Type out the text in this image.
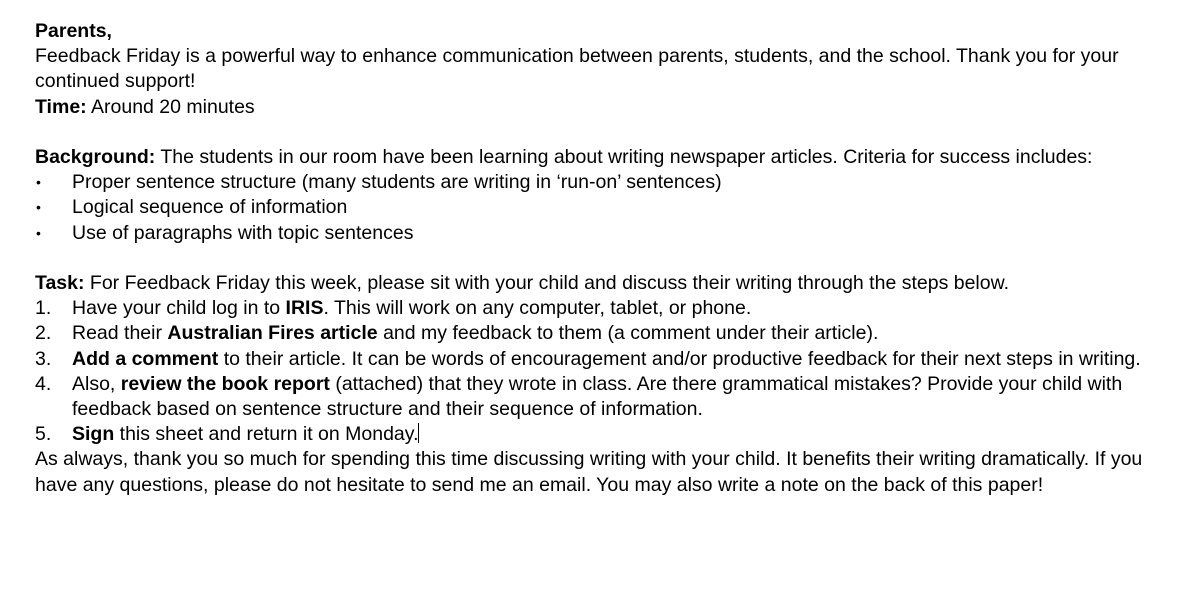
Parents,

Feedback Friday is a powerful way to enhance communication between parents, students, and the school. Thank you for your continued support!

Time: Around 20 minutes

Background: The students in our room have been learning about writing newspaper articles. Criteria for success includes:

• Proper sentence structure (many students are writing in ‘run-on’ sentences)
• Logical sequence of information
• Use of paragraphs with topic sentences

Task: For Feedback Friday this week, please sit with your child and discuss their writing through the steps below.

1. Have your child log in to IRIS. This will work on any computer, tablet, or phone.
2. Read their Australian Fires article and my feedback to them (a comment under their article).
3. Add a comment to their article. It can be words of encouragement and/or productive feedback for their next steps in writing.
4. Also, review the book report (attached) that they wrote in class. Are there grammatical mistakes? Provide your child with feedback based on sentence structure and their sequence of information.
5. Sign this sheet and return it on Monday.

As always, thank you so much for spending this time discussing writing with your child. It benefits their writing dramatically. If you have any questions, please do not hesitate to send me an email. You may also write a note on the back of this paper!
